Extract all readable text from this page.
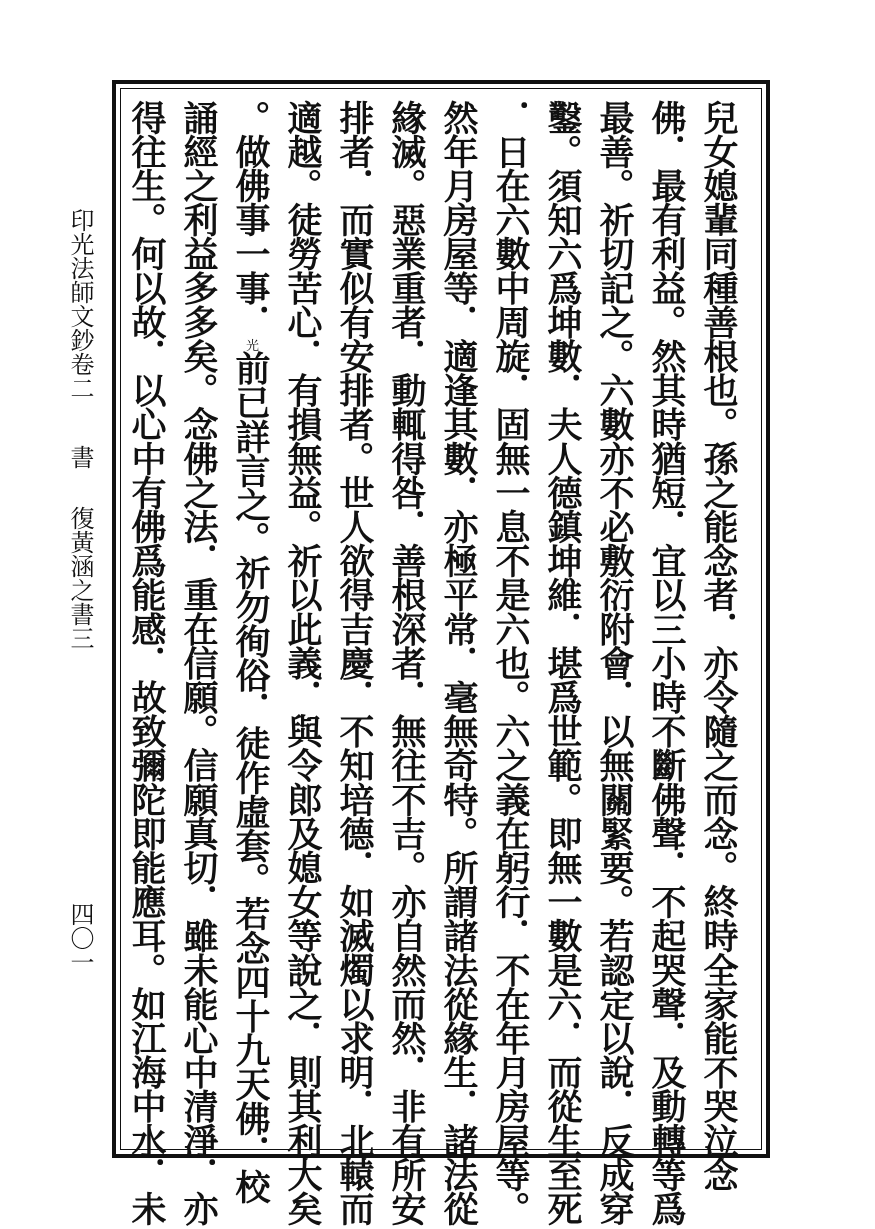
印光法師文鈔卷二
書
復黃涵之書三
四〇一	兒女媳輩同種善根也。孫之能念者．亦令隨之而念。終時全家能不哭泣念
佛．最有利益。然其時猶短．宜以三小時不斷佛聲．不起哭聲．及動轉等爲
最善。祈切記之。六數亦不必敷衍附會．以無關緊要。若認定以說．反成穿
鑿。須知六爲坤數．夫人德鎮坤維．堪爲世範。即無一數是六．而從生至死
．日在六數中周旋．固無一息不是六也。六之義在躬行．不在年月房屋等。
然年月房屋等．適逢其數．亦極平常．毫無奇特。所謂諸法從緣生．諸法從
緣滅。惡業重者．動輒得咎．善根深者．無往不吉。亦自然而然．非有所安
排者．而實似有安排者。世人欲得吉慶．不知培德．如滅燭以求明．北轅而
適越。徒勞苦心．有損無益。祈以此義．與令郎及媳女等說之．則其利大矣
。做佛事一事．光前已詳言之。祈勿徇俗．徒作虛套。若念四十九天佛．校
誦經之利益多多矣。念佛之法．重在信願。信願真切．雖未能心中清淨．亦
得往生。何以故．以心中有佛爲能感．故致彌陀即能應耳。如江海中水．未
